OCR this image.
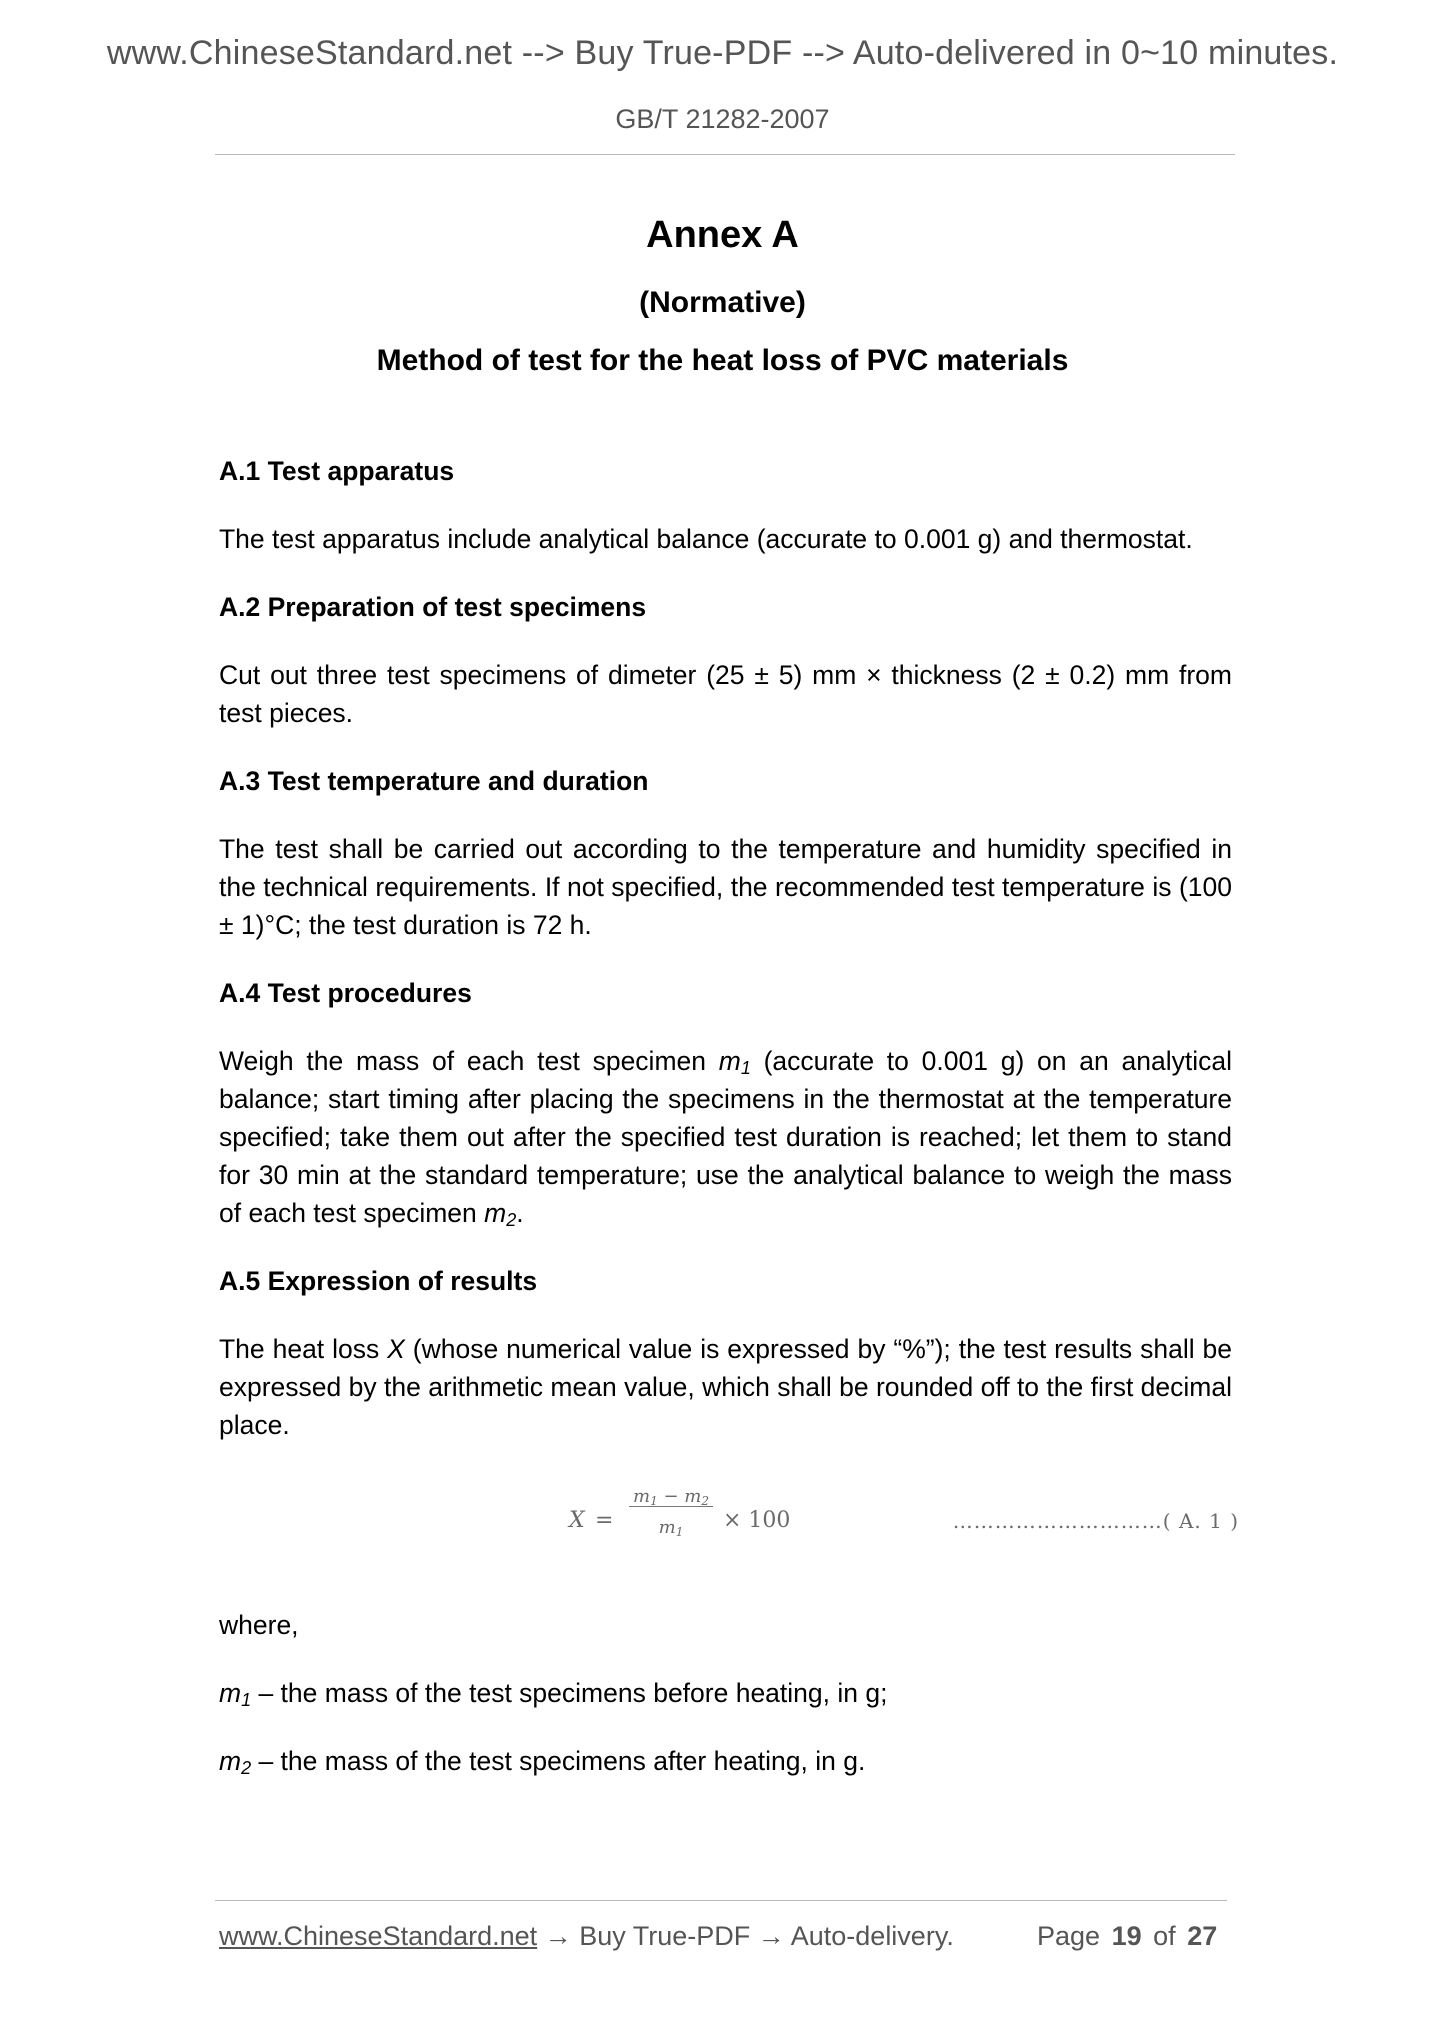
www.ChineseStandard.net --> Buy True-PDF --> Auto-delivered in 0~10 minutes.
GB/T 21282-2007
Annex A
(Normative)
Method of test for the heat loss of PVC materials
A.1 Test apparatus
The test apparatus include analytical balance (accurate to 0.001 g) and thermostat.
A.2 Preparation of test specimens
Cut out three test specimens of dimeter (25 ± 5) mm × thickness (2 ± 0.2) mm from test pieces.
A.3 Test temperature and duration
The test shall be carried out according to the temperature and humidity specified in the technical requirements. If not specified, the recommended test temperature is (100 ± 1)°C; the test duration is 72 h.
A.4 Test procedures
Weigh the mass of each test specimen $m_1$ (accurate to 0.001 g) on an analytical balance; start timing after placing the specimens in the thermostat at the temperature specified; take them out after the specified test duration is reached; let them to stand for 30 min at the standard temperature; use the analytical balance to weigh the mass of each test specimen $m_2$.
A.5 Expression of results
The heat loss X (whose numerical value is expressed by “%”); the test results shall be expressed by the arithmetic mean value, which shall be rounded off to the first decimal place.
X =
$m_1 - m_2$
$m_1$	× 100	…………………………( A. 1 )
where,
$m_1$ – the mass of the test specimens before heating, in g;
$m_2$ – the mass of the test specimens after heating, in g.
www.ChineseStandard.net → Buy True-PDF → Auto-delivery.	Page 19 of 27
